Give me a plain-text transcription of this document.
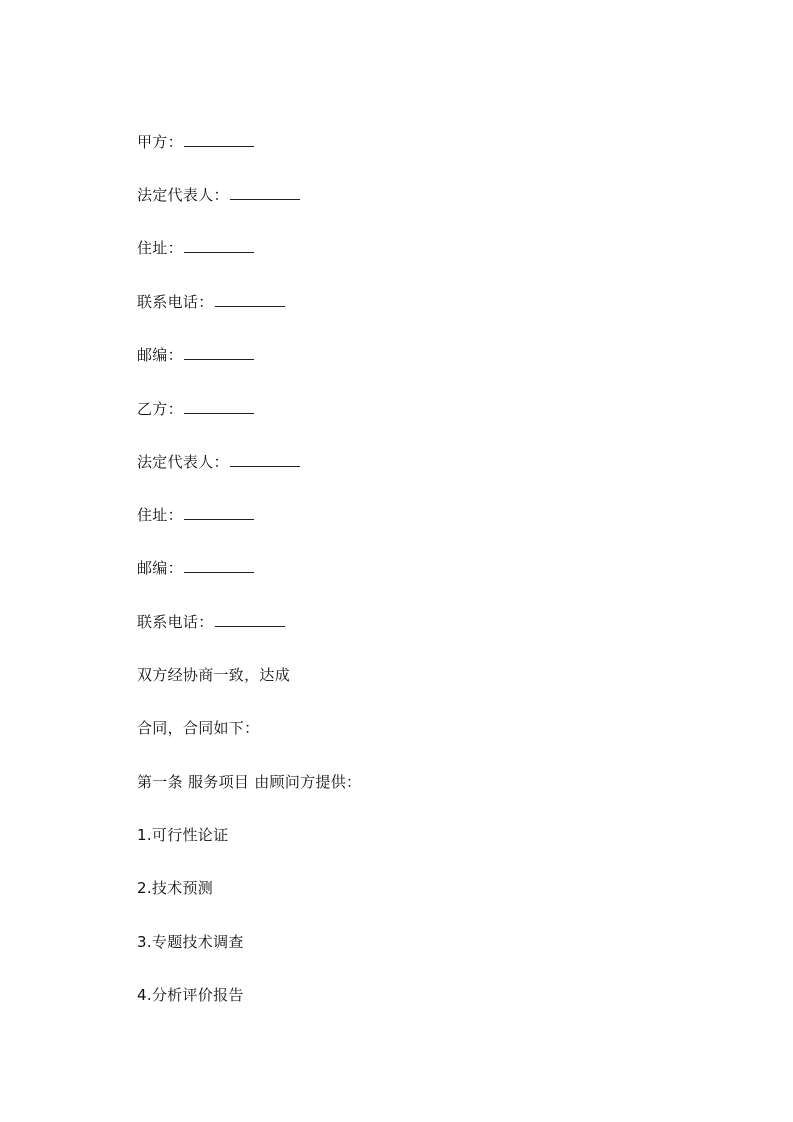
甲方：
法定代表人：
住址：
联系电话：
邮编：
乙方：
法定代表人：
住址：
邮编：
联系电话：
双方经协商一致，达成
合同，合同如下：
第一条 服务项目 由顾问方提供：
1.可行性论证
2.技术预测
3.专题技术调查
4.分析评价报告
